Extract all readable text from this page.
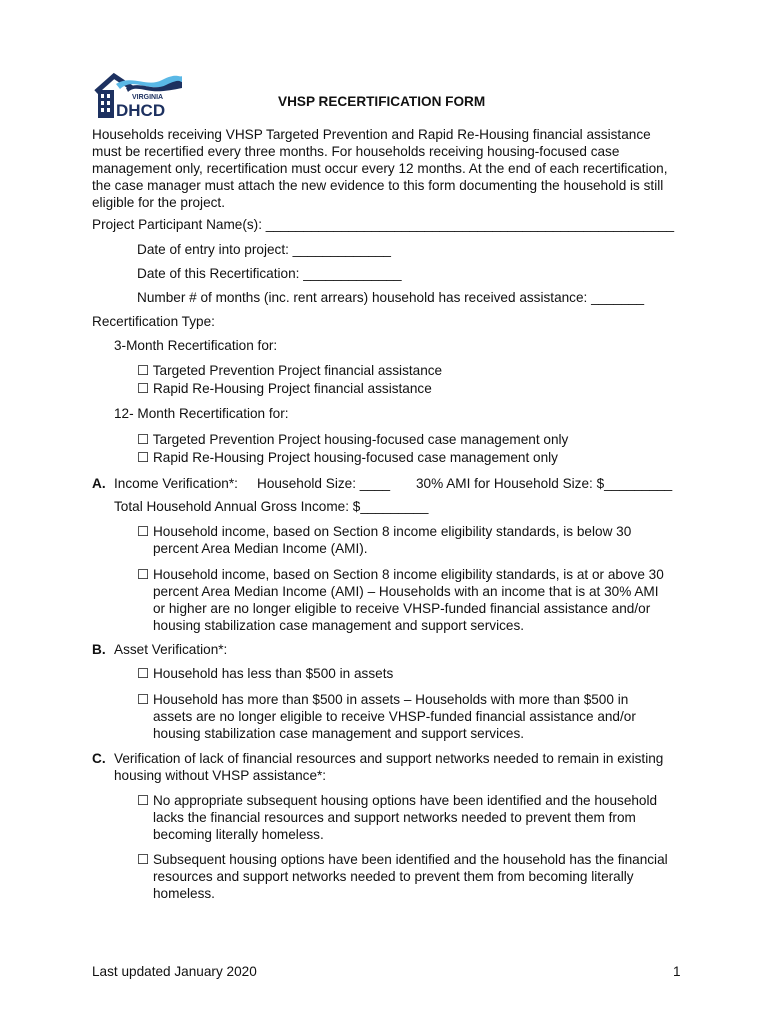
VIRGINIA
DHCD	VHSP RECERTIFICATION FORM
Households receiving VHSP Targeted Prevention and Rapid Re-Housing financial assistance
must be recertified every three months. For households receiving housing-focused case
management only, recertification must occur every 12 months. At the end of each recertification,
the case manager must attach the new evidence to this form documenting the household is still
eligible for the project.
Project Participant Name(s): ______________________________________________________
Date of entry into project: _____________
Date of this Recertification: _____________
Number # of months (inc. rent arrears) household has received assistance: _______
Recertification Type:
3-Month Recertification for:
☐ Targeted Prevention Project financial assistance
☐ Rapid Re-Housing Project financial assistance
12- Month Recertification for:
☐ Targeted Prevention Project housing-focused case management only
☐ Rapid Re-Housing Project housing-focused case management only
A. Income Verification*: Household Size: ____ 30% AMI for Household Size: $_________
Total Household Annual Gross Income: $_________
☐ Household income, based on Section 8 income eligibility standards, is below 30
percent Area Median Income (AMI).
☐ Household income, based on Section 8 income eligibility standards, is at or above 30
percent Area Median Income (AMI) – Households with an income that is at 30% AMI
or higher are no longer eligible to receive VHSP-funded financial assistance and/or
housing stabilization case management and support services.
B. Asset Verification*:
☐ Household has less than $500 in assets
☐ Household has more than $500 in assets – Households with more than $500 in
assets are no longer eligible to receive VHSP-funded financial assistance and/or
housing stabilization case management and support services.
C. Verification of lack of financial resources and support networks needed to remain in existing
housing without VHSP assistance*:
☐ No appropriate subsequent housing options have been identified and the household
lacks the financial resources and support networks needed to prevent them from
becoming literally homeless.
☐ Subsequent housing options have been identified and the household has the financial
resources and support networks needed to prevent them from becoming literally
homeless.
Last updated January 2020	1
